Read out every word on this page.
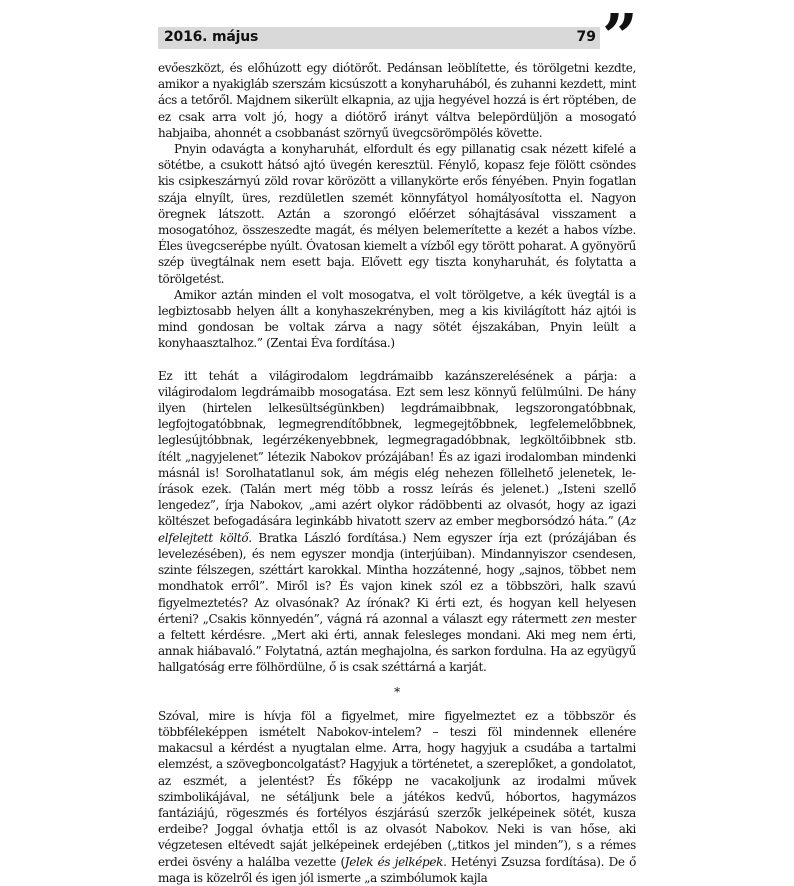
2016. május	79 ”

evőeszközt, és előhúzott egy diótörőt. Pedánsan leöblítette, és törölgetni kezdte, amikor a nyakigláb szerszám kicsúszott a konyharuhából, és zuhanni kezdett, mint ács a tetőről. Majdnem sikerült elkapnia, az ujja hegyével hozzá is ért röptében, de ez csak arra volt jó, hogy a diótörő irányt váltva belepördüljön a mosogató habjaiba, ahonnét a csobbanást szörnyű üvegcsörömpölés követte.

Pnyin odavágta a konyharuhát, elfordult és egy pillanatig csak nézett kifelé a sötétbe, a csukott hátsó ajtó üvegén keresztül. Fénylő, kopasz feje fölött csöndes kis csipkeszárnyú zöld rovar körözött a villanykörte erős fényében. Pnyin fogatlan szája elnyílt, üres, rezdületlen szemét könnyfátyol homályosította el. Nagyon öregnek látszott. Aztán a szorongó előérzet sóhajtásával visszament a mosogatóhoz, összeszedte magát, és mélyen belemerítette a kezét a habos vízbe. Éles üvegcserépbe nyúlt. Óvatosan kiemelt a vízből egy törött poharat. A gyönyörű szép üvegtálnak nem esett baja. Elővett egy tiszta konyharuhát, és folytatta a törölgetést.

Amikor aztán minden el volt mosogatva, el volt törölgetve, a kék üvegtál is a legbiztosabb helyen állt a konyhaszekrényben, meg a kis kivilágított ház ajtói is mind gondosan be voltak zárva a nagy sötét éjszakában, Pnyin leült a konyhaasztalhoz.” (Zentai Éva fordítása.)

Ez itt tehát a világirodalom legdrámaibb kazánszerelésének a párja: a világirodalom legdrámaibb mosogatása. Ezt sem lesz könnyű felülmúlni. De hány ilyen (hirtelen lelkesültségünkben) legdrámaibbnak, legszorongatóbbnak, legfojtogatóbbnak, legmegrendítőbbnek, legmegejtőbbnek, legfelemelőbbnek, leglesújtóbbnak, legérzékenyebbnek, legmegragadóbbnak, legköltőibbnek stb. ítélt „nagyjelenet” létezik Nabokov prózájában! És az igazi irodalomban mindenki másnál is! Sorolhatatlanul sok, ám mégis elég nehezen föllelhető jelenetek, leírások ezek. (Talán mert még több a rossz leírás és jelenet.) „Isteni szellő lengedez”, írja Nabokov, „ami azért olykor rádöbbenti az olvasót, hogy az igazi költészet befogadására leginkább hivatott szerv az ember megborsódzó háta.” (Az elfelejtett költő. Bratka László fordítása.) Nem egyszer írja ezt (prózájában és levelezésében), és nem egyszer mondja (interjúiban). Mindannyiszor csendesen, szinte félszegen, széttárt karokkal. Mintha hozzátenné, hogy „sajnos, többet nem mondhatok erről”. Miről is? És vajon kinek szól ez a többszöri, halk szavú figyelmeztetés? Az olvasónak? Az írónak? Ki érti ezt, és hogyan kell helyesen érteni? „Csakis könnyedén”, vágná rá azonnal a választ egy rátermett zen mester a feltett kérdésre. „Mert aki érti, annak felesleges mondani. Aki meg nem érti, annak hiábavaló.” Folytatná, aztán meghajolna, és sarkon fordulna. Ha az együgyű hallgatóság erre fölhördülne, ő is csak széttárná a karját.

*

Szóval, mire is hívja föl a figyelmet, mire figyelmeztet ez a többször és többféleképpen ismételt Nabokov-intelem? – teszi föl mindennek ellenére makacsul a kérdést a nyugtalan elme. Arra, hogy hagyjuk a csudába a tartalmi elemzést, a szövegboncolgatást? Hagyjuk a történetet, a szereplőket, a gondolatot, az eszmét, a jelentést? És főképp ne vacakoljunk az irodalmi művek szimbolikájával, ne sétáljunk bele a játékos kedvű, hóbortos, hagymázos fantáziájú, rögeszmés és fortélyos észjárású szerzők jelképeinek sötét, kusza erdeibe? Joggal óvhatja ettől is az olvasót Nabokov. Neki is van hőse, aki végzetesen eltévedt saját jelképeinek erdejében („titkos jel minden”), s a rémes erdei ösvény a halálba vezette (Jelek és jelképek. Hetényi Zsuzsa fordítása). De ő maga is közelről és igen jól ismerte „a szimbólumok kajla
